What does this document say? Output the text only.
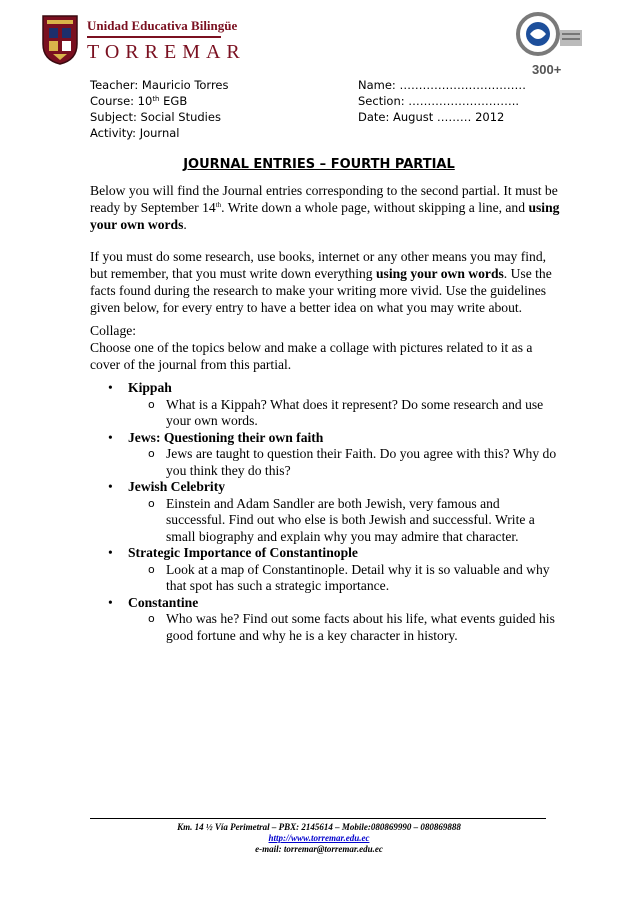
Unidad Educativa Bilingüe
TORREMAR
300+
Teacher: Mauricio Torres
Course: 10th EGB
Subject: Social Studies
Activity: Journal
Name: ……………………………
Section: ………………………..
Date: August ……… 2012
JOURNAL ENTRIES – FOURTH PARTIAL
Below you will find the Journal entries corresponding to the second partial. It must be ready by September 14th. Write down a whole page, without skipping a line, and using your own words.
If you must do some research, use books, internet or any other means you may find, but remember, that you must write down everything using your own words. Use the facts found during the research to make your writing more vivid. Use the guidelines given below, for every entry to have a better idea on what you may write about.
Collage:
Choose one of the topics below and make a collage with pictures related to it as a cover of the journal from this partial.
• Kippah
o What is a Kippah? What does it represent? Do some research and use your own words.
• Jews: Questioning their own faith
o Jews are taught to question their Faith. Do you agree with this? Why do you think they do this?
• Jewish Celebrity
o Einstein and Adam Sandler are both Jewish, very famous and successful. Find out who else is both Jewish and successful. Write a small biography and explain why you may admire that character.
• Strategic Importance of Constantinople
o Look at a map of Constantinople. Detail why it is so valuable and why that spot has such a strategic importance.
• Constantine
o Who was he? Find out some facts about his life, what events guided his good fortune and why he is a key character in history.
Km. 14 ½ Vía Perimetral – PBX: 2145614 – Mobile:080869990 – 080869888
http://www.torremar.edu.ec
e-mail: torremar@torremar.edu.ec
